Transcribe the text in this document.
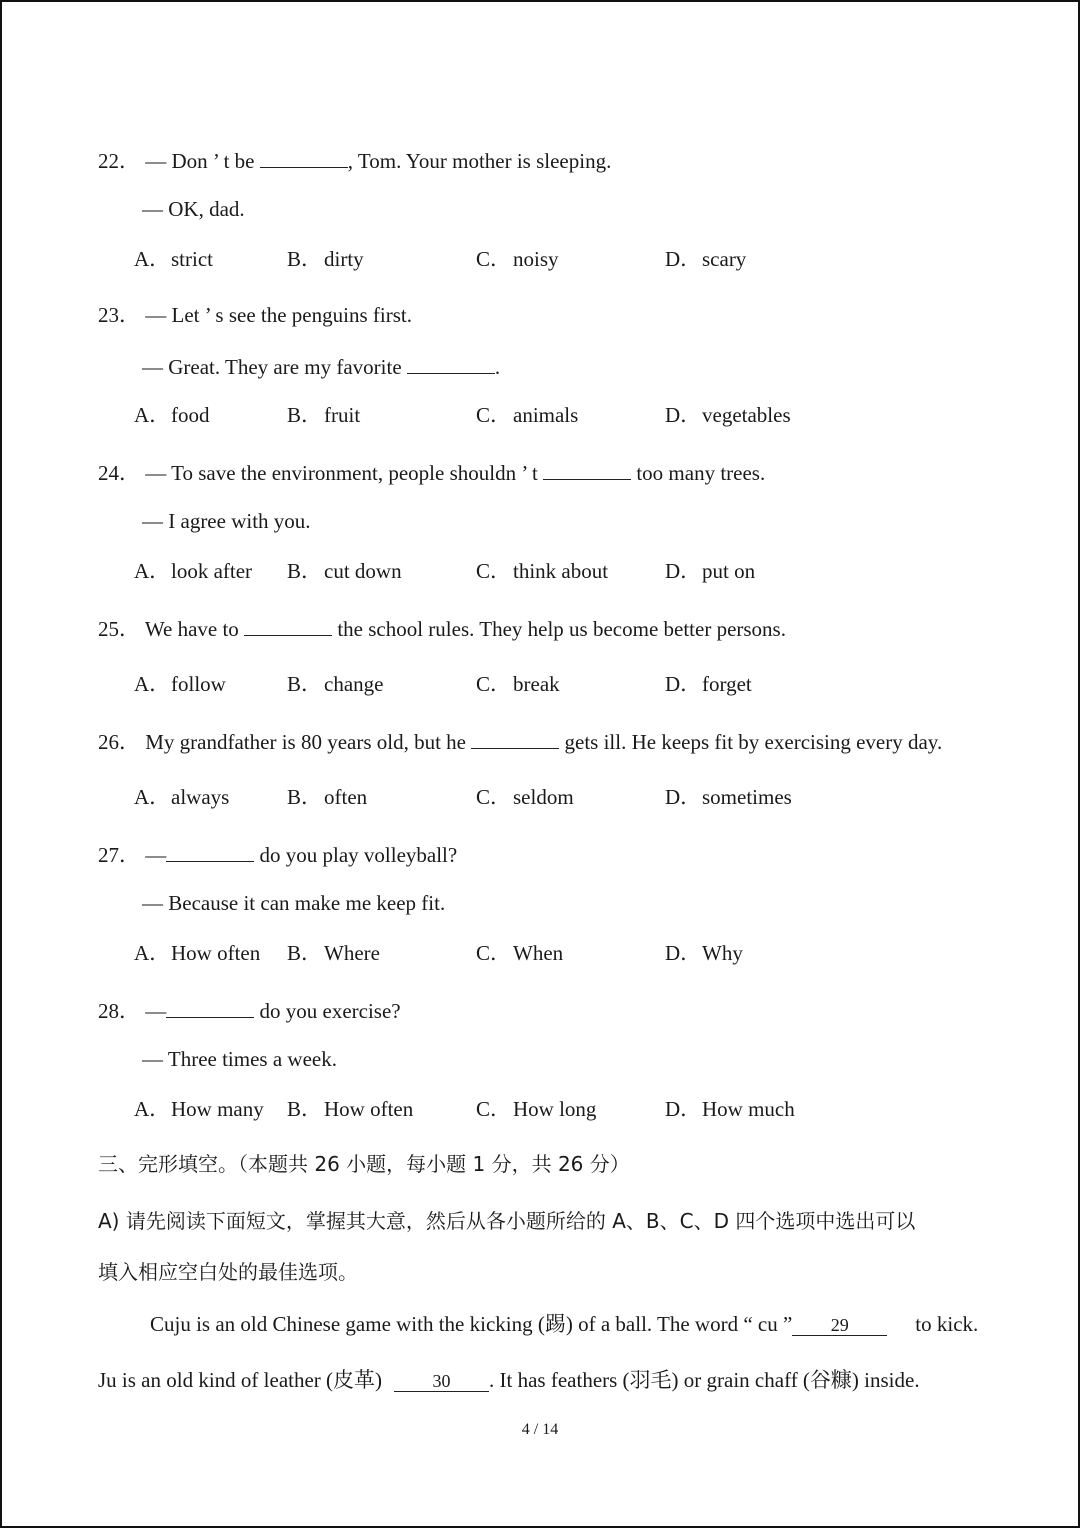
22． — Don ’ t be	, Tom. Your mother is sleeping.
— OK, dad.
A．strict	B．dirty	C．noisy	D．scary
23． — Let ’ s see the penguins first.
— Great. They are my favorite	.
A．food	B．fruit	C．animals	D．vegetables
24． — To save the environment, people shouldn ’ t	too many trees.
— I agree with you.
A．look after B．cut down	C．think about	D．put on
25． We have to	the school rules. They help us become better persons.
A．follow	B．change	C．break	D．forget
26． My grandfather is 80 years old, but he	gets ill. He keeps fit by exercising every day.
A．always	B．often	C．seldom	D．sometimes
27． —	do you play volleyball?
— Because it can make me keep fit.
A．How often B．Where	C．When	D．Why
28． —	do you exercise?
— Three times a week.
A．How many B．How often	C．How long	D．How much
三、完形填空。（本题共 26 小题，每小题 1 分，共 26 分）
A) 请先阅读下面短文，掌握其大意，然后从各小题所给的 A、B、C、D 四个选项中选出可以
填入相应空白处的最佳选项。
Cuju is an old Chinese game with the kicking (踢) of a ball. The word “ cu ” 29	to kick.
Ju is an old kind of leather (皮革)	30 . It has feathers (羽毛) or grain chaff (谷糠) inside.
4 / 14
